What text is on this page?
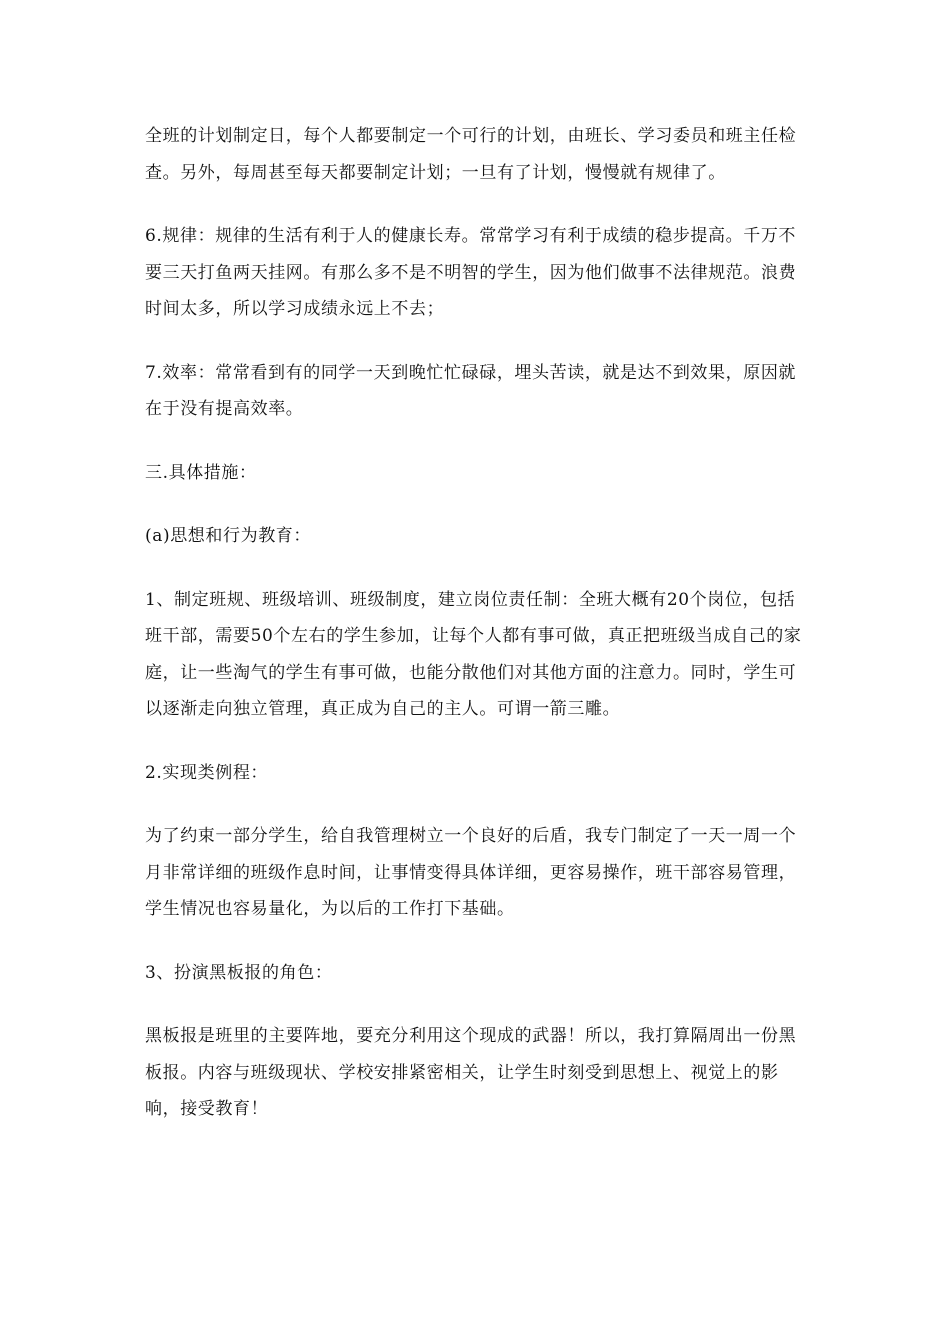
全班的计划制定日，每个人都要制定一个可行的计划，由班长、学习委员和班主任检查。另外，每周甚至每天都要制定计划；一旦有了计划，慢慢就有规律了。

6.规律：规律的生活有利于人的健康长寿。常常学习有利于成绩的稳步提高。千万不要三天打鱼两天挂网。有那么多不是不明智的学生，因为他们做事不法律规范。浪费时间太多，所以学习成绩永远上不去；

7.效率：常常看到有的同学一天到晚忙忙碌碌，埋头苦读，就是达不到效果，原因就在于没有提高效率。

三.具体措施：

(a)思想和行为教育：

1、制定班规、班级培训、班级制度，建立岗位责任制：全班大概有20个岗位，包括班干部，需要50个左右的学生参加，让每个人都有事可做，真正把班级当成自己的家庭，让一些淘气的学生有事可做，也能分散他们对其他方面的注意力。同时，学生可以逐渐走向独立管理，真正成为自己的主人。可谓一箭三雕。

2.实现类例程：

为了约束一部分学生，给自我管理树立一个良好的后盾，我专门制定了一天一周一个月非常详细的班级作息时间，让事情变得具体详细，更容易操作，班干部容易管理，学生情况也容易量化，为以后的工作打下基础。

3、扮演黑板报的角色：

黑板报是班里的主要阵地，要充分利用这个现成的武器！所以，我打算隔周出一份黑板报。内容与班级现状、学校安排紧密相关，让学生时刻受到思想上、视觉上的影响，接受教育！
